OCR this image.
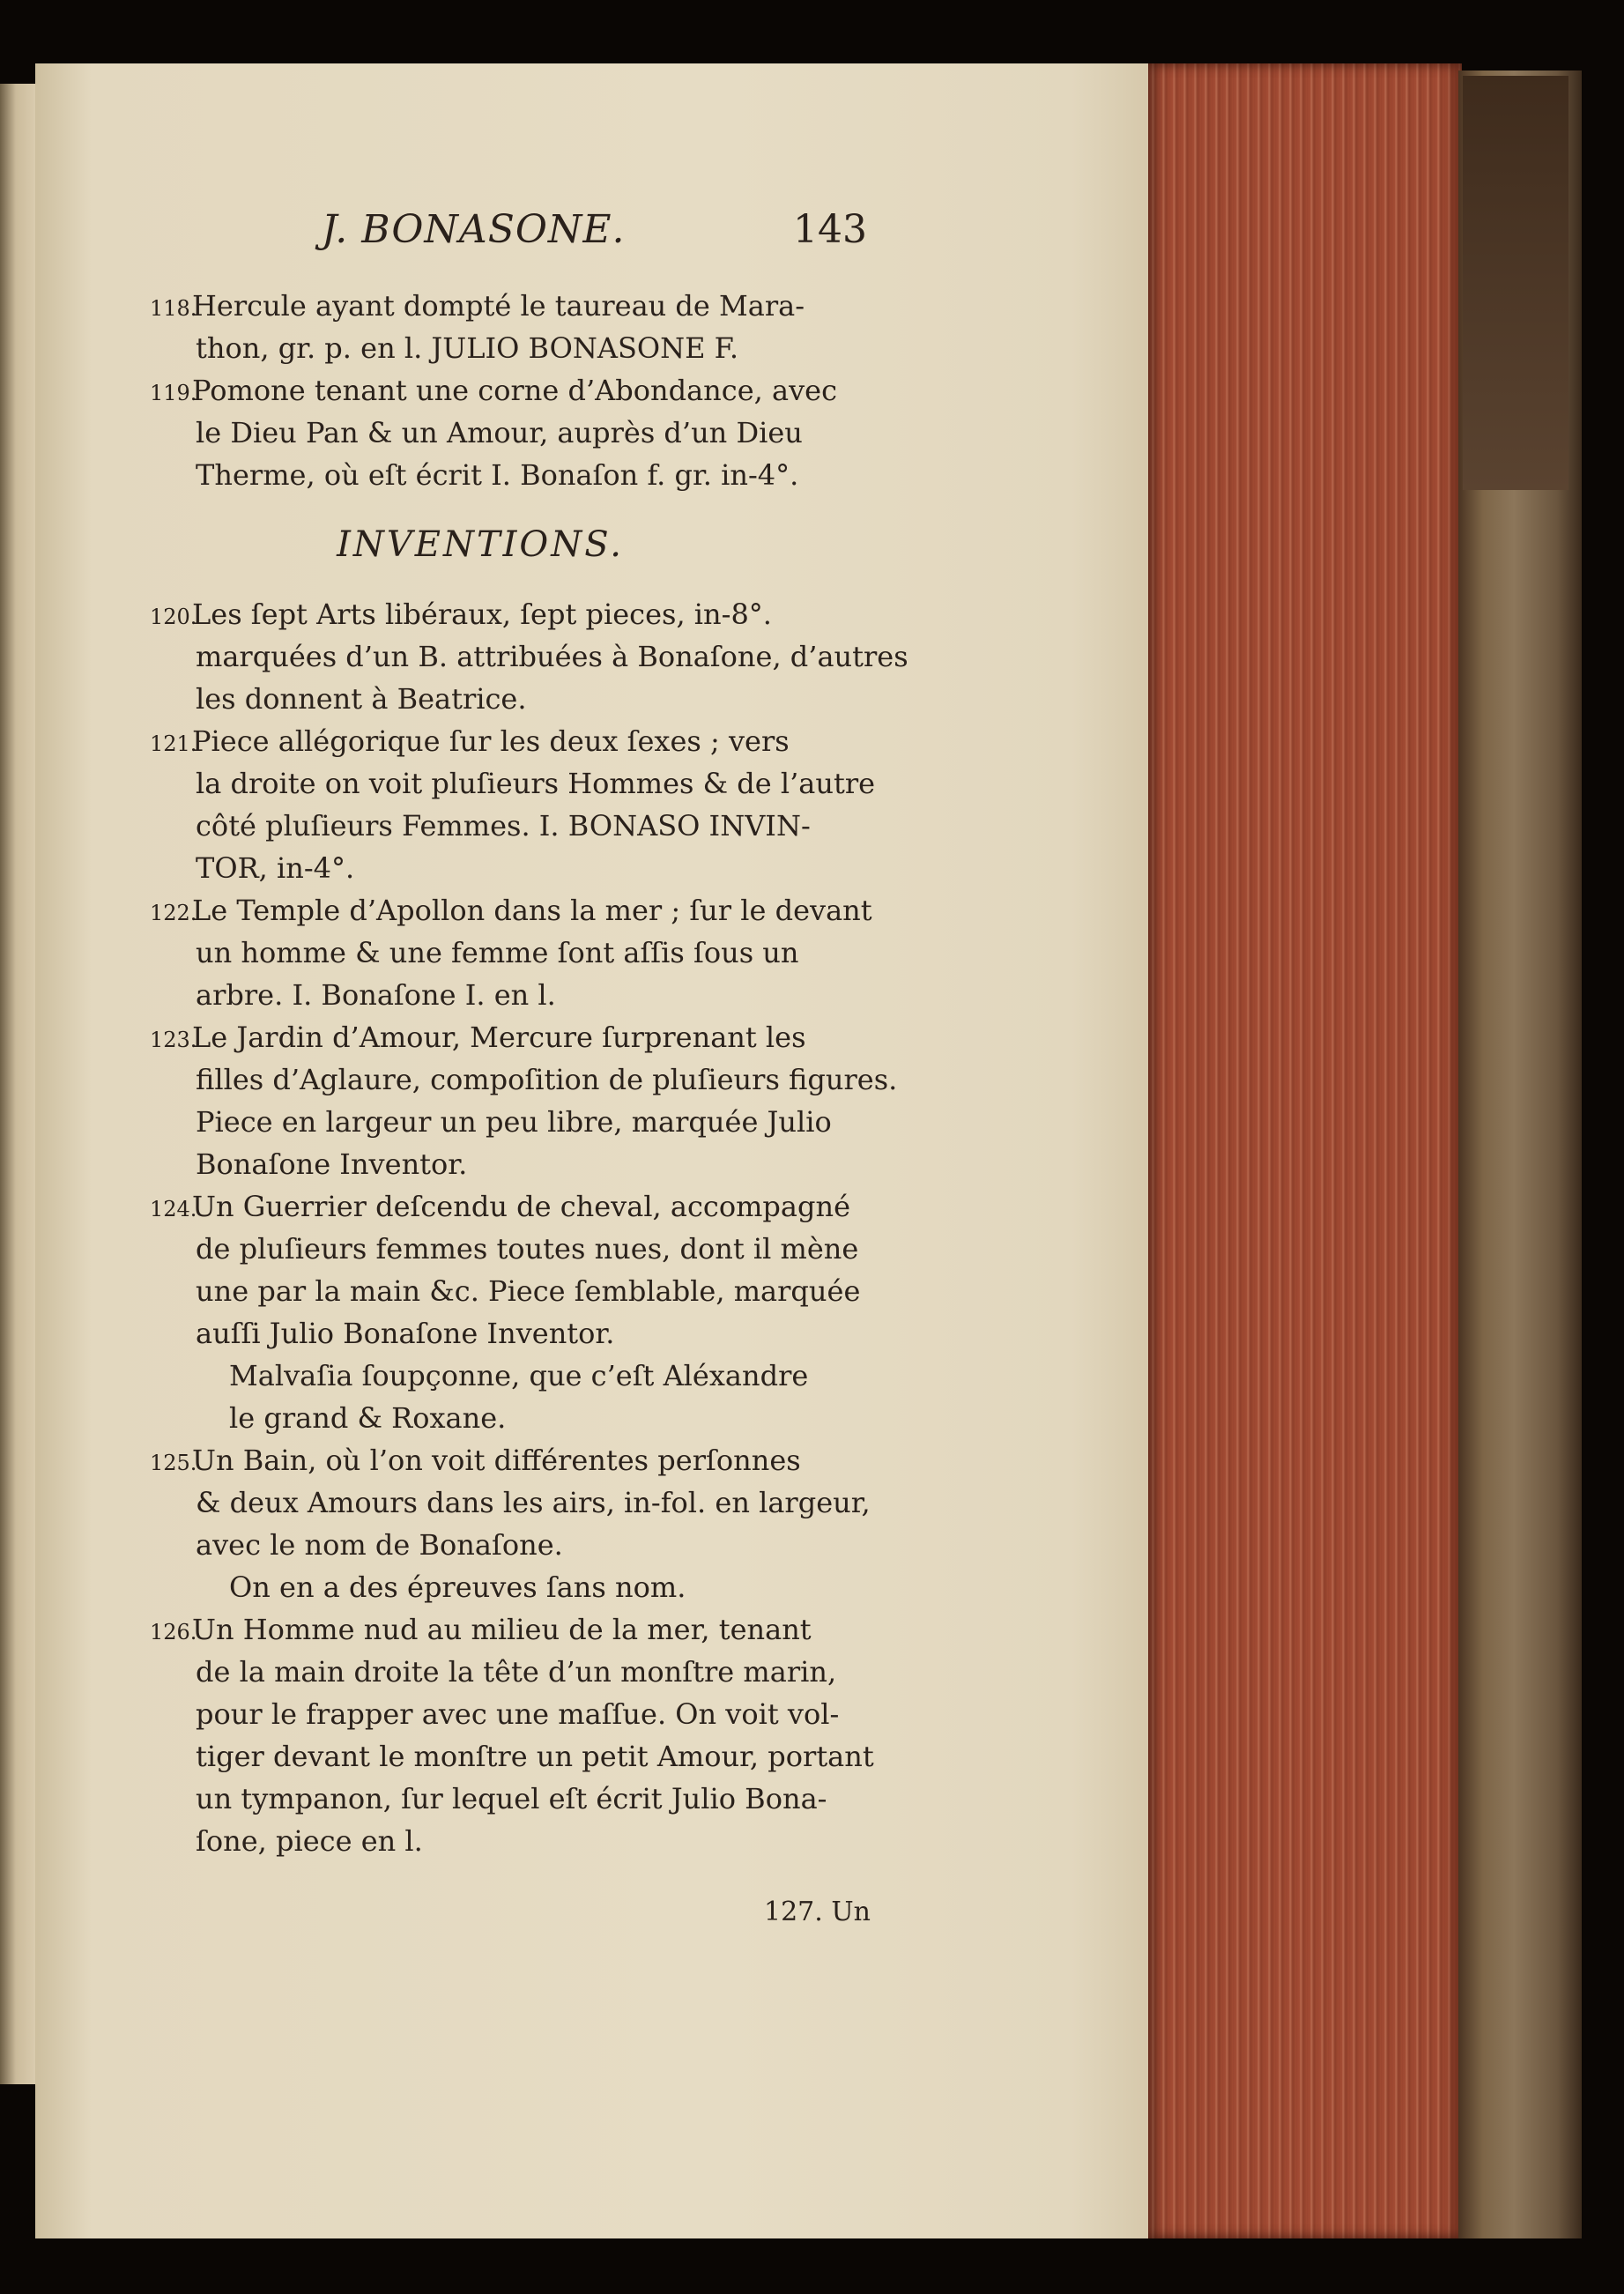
J. BONASONE.	143
118.Hercule ayant dompté le taureau de Mara-
thon, gr. p. en l. JULIO BONASONE F.
119.Pomone tenant une corne d’Abondance, avec
le Dieu Pan & un Amour, auprès d’un Dieu
Therme, où eſt écrit I. Bonaſon f. gr. in-4°.
INVENTIONS.
120.Les ſept Arts libéraux, ſept pieces, in-8°.
marquées d’un B. attribuées à Bonaſone, d’autres
les donnent à Beatrice.
121.Piece allégorique ſur les deux ſexes ; vers
la droite on voit pluſieurs Hommes & de l’autre
côté pluſieurs Femmes. I. BONASO INVIN-
TOR, in-4°.
122.Le Temple d’Apollon dans la mer ; ſur le devant
un homme & une femme ſont aſſis ſous un
arbre. I. Bonaſone I. en l.
123.Le Jardin d’Amour, Mercure ſurprenant les
filles d’Aglaure, compoſition de pluſieurs figures.
Piece en largeur un peu libre, marquée Julio
Bonaſone Inventor.
124.Un Guerrier deſcendu de cheval, accompagné
de pluſieurs femmes toutes nues, dont il mène
une par la main &c. Piece ſemblable, marquée
auſſi Julio Bonaſone Inventor.
Malvaſia ſoupçonne, que c’eſt Aléxandre
le grand & Roxane.
125.Un Bain, où l’on voit différentes perſonnes
& deux Amours dans les airs, in-fol. en largeur,
avec le nom de Bonaſone.
On en a des épreuves ſans nom.
126.Un Homme nud au milieu de la mer, tenant
de la main droite la tête d’un monſtre marin,
pour le frapper avec une maſſue. On voit vol-
tiger devant le monſtre un petit Amour, portant
un tympanon, ſur lequel eſt écrit Julio Bona-
ſone, piece en l.
127. Un
